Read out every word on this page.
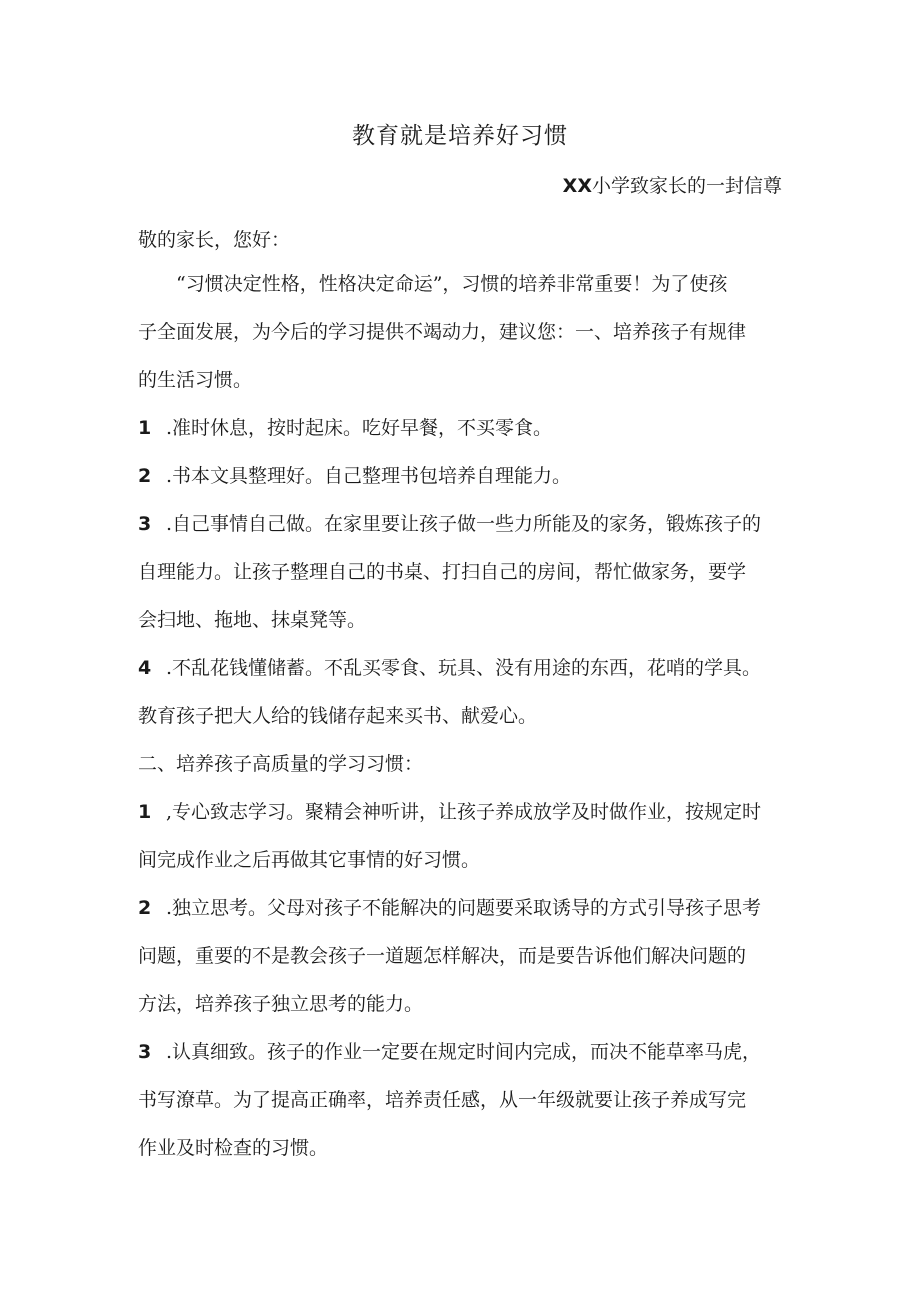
教育就是培养好习惯
XX小学致家长的一封信尊
敬的家长，您好：
“习惯决定性格，性格决定命运”，习惯的培养非常重要！为了使孩
子全面发展，为今后的学习提供不竭动力，建议您：一、培养孩子有规律
的生活习惯。
1 .准时休息，按时起床。吃好早餐，不买零食。
2 .书本文具整理好。自己整理书包培养自理能力。
3 .自己事情自己做。在家里要让孩子做一些力所能及的家务，锻炼孩子的
自理能力。让孩子整理自己的书桌、打扫自己的房间，帮忙做家务，要学
会扫地、拖地、抹桌凳等。
4 .不乱花钱懂储蓄。不乱买零食、玩具、没有用途的东西，花哨的学具。
教育孩子把大人给的钱储存起来买书、献爱心。
二、培养孩子高质量的学习习惯：
1 ,专心致志学习。聚精会神听讲，让孩子养成放学及时做作业，按规定时
间完成作业之后再做其它事情的好习惯。
2 .独立思考。父母对孩子不能解决的问题要采取诱导的方式引导孩子思考
问题，重要的不是教会孩子一道题怎样解决，而是要告诉他们解决问题的
方法，培养孩子独立思考的能力。
3 .认真细致。孩子的作业一定要在规定时间内完成，而决不能草率马虎，
书写潦草。为了提高正确率，培养责任感，从一年级就要让孩子养成写完
作业及时检查的习惯。
